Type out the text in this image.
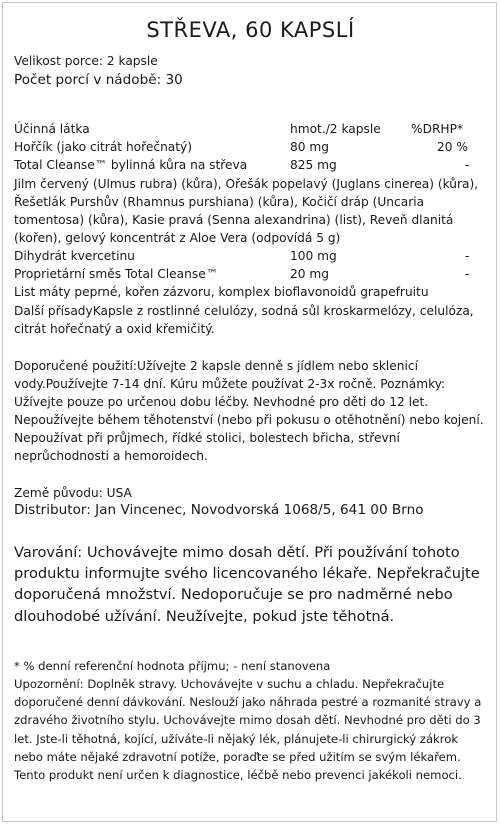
STŘEVA, 60 KAPSLÍ
Velikost porce: 2 kapsle
Počet porcí v nádobě: 30
Účinná látka	hmot./2 kapsle %DRHP*
Hořčík (jako citrát hořečnatý)	80 mg	20 %
Total Cleanse™ bylinná kůra na střeva	825 mg	-
Jilm červený (Ulmus rubra) (kůra), Ořešák popelavý (Juglans cinerea) (kůra),
Řešetlák Purshův (Rhamnus purshiana) (kůra), Kočičí dráp (Uncaria
tomentosa) (kůra), Kasie pravá (Senna alexandrina) (list), Reveň dlanitá
(kořen), gelový koncentrát z Aloe Vera (odpovídá 5 g)
Dihydrát kvercetinu	100 mg	-
Proprietární směs Total Cleanse™	20 mg	-
List máty peprné, kořen zázvoru, komplex bioflavonoidů grapefruitu
Další přísadyKapsle z rostlinné celulózy, sodná sůl kroskarmelózy, celulóza,
citrát hořečnatý a oxid křemičitý.
Doporučené použití:Užívejte 2 kapsle denně s jídlem nebo sklenicí
vody.Používejte 7-14 dní. Kúru můžete používat 2-3x ročně. Poznámky:
Užívejte pouze po určenou dobu léčby. Nevhodné pro děti do 12 let.
Nepoužívejte během těhotenství (nebo při pokusu o otěhotnění) nebo kojení.
Nepoužívat při průjmech, řídké stolici, bolestech břicha, střevní
neprůchodnosti a hemoroidech.
Země původu: USA
Distributor: Jan Vincenec, Novodvorská 1068/5, 641 00 Brno
Varování: Uchovávejte mimo dosah dětí. Při používání tohoto
produktu informujte svého licencovaného lékaře. Nepřekračujte
doporučená množství. Nedoporučuje se pro nadměrné nebo
dlouhodobé užívání. Neužívejte, pokud jste těhotná.
* % denní referenční hodnota příjmu; - není stanovena
Upozornění: Doplněk stravy. Uchovávejte v suchu a chladu. Nepřekračujte
doporučené denní dávkování. Neslouží jako náhrada pestré a rozmanité stravy a
zdravého životního stylu. Uchovávejte mimo dosah dětí. Nevhodné pro děti do 3
let. Jste-li těhotná, kojící, užíváte-li nějaký lék, plánujete-li chirurgický zákrok
nebo máte nějaké zdravotní potíže, poraďte se před užitím se svým lékařem.
Tento produkt není určen k diagnostice, léčbě nebo prevenci jakékoli nemoci.
